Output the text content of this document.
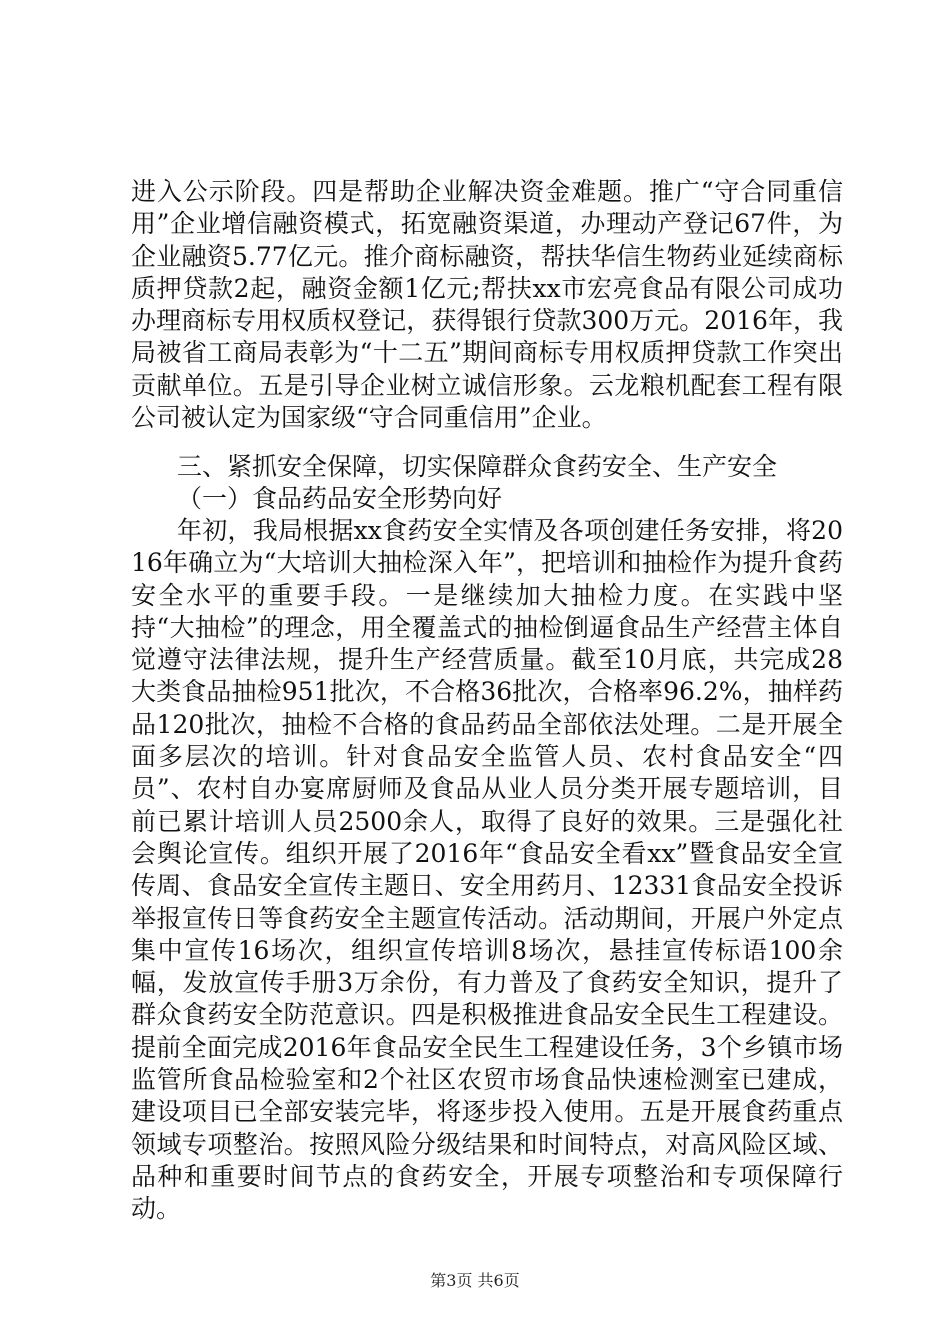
进入公示阶段。四是帮助企业解决资金难题。推广“守合同重信用”企业增信融资模式，拓宽融资渠道，办理动产登记67件，为企业融资5.77亿元。推介商标融资，帮扶华信生物药业延续商标质押贷款2起，融资金额1亿元;帮扶xx市宏亮食品有限公司成功办理商标专用权质权登记，获得银行贷款300万元。2016年，我局被省工商局表彰为“十二五”期间商标专用权质押贷款工作突出贡献单位。五是引导企业树立诚信形象。云龙粮机配套工程有限公司被认定为国家级“守合同重信用”企业。

三、紧抓安全保障，切实保障群众食药安全、生产安全

（一）食品药品安全形势向好

年初，我局根据xx食药安全实情及各项创建任务安排，将2016年确立为“大培训大抽检深入年”，把培训和抽检作为提升食药安全水平的重要手段。一是继续加大抽检力度。在实践中坚持“大抽检”的理念，用全覆盖式的抽检倒逼食品生产经营主体自觉遵守法律法规，提升生产经营质量。截至10月底，共完成28大类食品抽检951批次，不合格36批次，合格率96.2%，抽样药品120批次，抽检不合格的食品药品全部依法处理。二是开展全面多层次的培训。针对食品安全监管人员、农村食品安全“四员”、农村自办宴席厨师及食品从业人员分类开展专题培训，目前已累计培训人员2500余人，取得了良好的效果。三是强化社会舆论宣传。组织开展了2016年“食品安全看xx”暨食品安全宣传周、食品安全宣传主题日、安全用药月、12331食品安全投诉举报宣传日等食药安全主题宣传活动。活动期间，开展户外定点集中宣传16场次，组织宣传培训8场次，悬挂宣传标语100余幅，发放宣传手册3万余份，有力普及了食药安全知识，提升了群众食药安全防范意识。四是积极推进食品安全民生工程建设。提前全面完成2016年食品安全民生工程建设任务，3个乡镇市场监管所食品检验室和2个社区农贸市场食品快速检测室已建成，建设项目已全部安装完毕，将逐步投入使用。五是开展食药重点领域专项整治。按照风险分级结果和时间特点，对高风险区域、品种和重要时间节点的食药安全，开展专项整治和专项保障行动。

第3页 共6页
